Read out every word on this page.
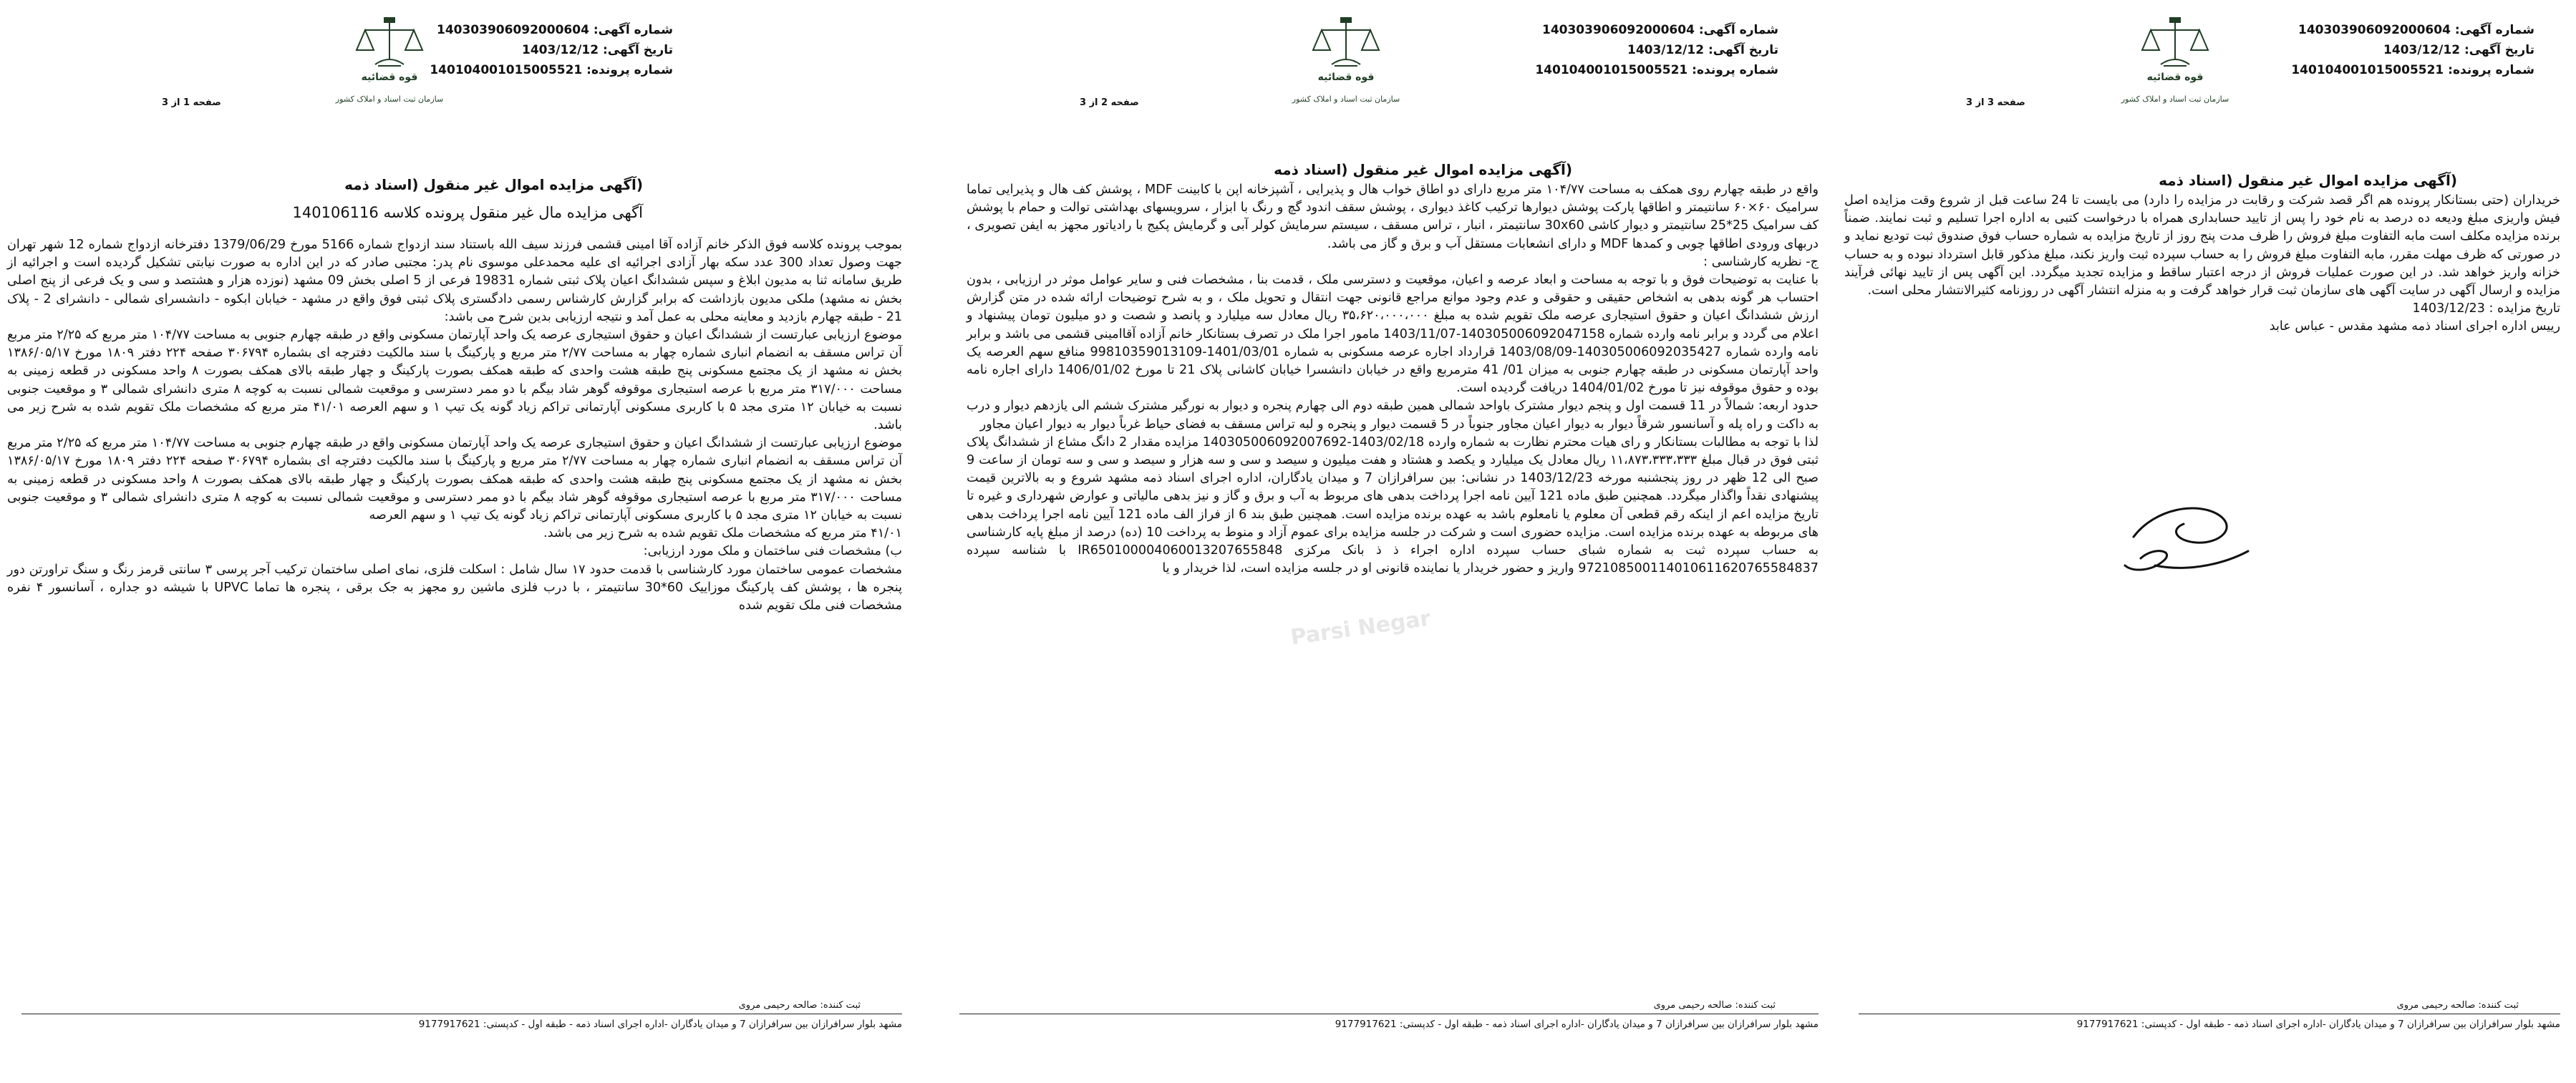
شماره آگهی: 140303906092000604
تاریخ آگهی: 1403/12/12
شماره پرونده: 140104001015005521
قوه قضائیه
سازمان ثبت اسناد و املاک کشور
صفحه 3 از 3
(آگهی مزایده اموال غیر منقول (اسناد ذمه

خریداران (حتی بستانکار پرونده هم اگر قصد شرکت و رقابت در مزایده را دارد) می بایست تا 24 ساعت قبل از شروع وقت مزایده اصل فیش واریزی مبلغ ودیعه ده درصد به نام خود را پس از تایید حسابداری همراه با درخواست کتبی به اداره اجرا تسلیم و ثبت نمایند. ضمناً برنده مزایده مکلف است مابه التفاوت مبلغ فروش را ظرف مدت پنج روز از تاریخ مزایده به شماره حساب فوق صندوق ثبت تودیع نماید و در صورتی که ظرف مهلت مقرر، مابه التفاوت مبلغ فروش را به حساب سپرده ثبت واریز نکند، مبلغ مذکور قابل استرداد نبوده و به حساب خزانه واریز خواهد شد. در این صورت عملیات فروش از درجه اعتبار ساقط و مزایده تجدید میگردد. این آگهی پس از تایید نهائی فرآیند مزایده و ارسال آگهی در سایت آگهی های سازمان ثبت قرار خواهد گرفت و به منزله انتشار آگهی در روزنامه کثیرالانتشار محلی است.

تاریخ مزایده : 1403/12/23

رییس اداره اجرای اسناد ذمه مشهد مقدس - عباس عابد

ثبت کننده: صالحه رحیمی مروی
مشهد بلوار سرافرازان بین سرافرازان 7 و میدان یادگاران -اداره اجرای اسناد ذمه - طبقه اول - کدپستی: 9177917621
شماره آگهی: 140303906092000604
تاریخ آگهی: 1403/12/12
شماره پرونده: 140104001015005521
قوه قضائیه
سازمان ثبت اسناد و املاک کشور
صفحه 2 از 3
(آگهی مزایده اموال غیر منقول (اسناد ذمه

واقع در طبقه چهارم روی همکف به مساحت ۱۰۴/۷۷ متر مربع دارای دو اطاق خواب هال و پذیرایی ، آشپزخانه اپن با کابینت MDF ، پوشش کف هال و پذیرایی تماما سرامیک ۶۰×۶۰ سانتیمتر و اطاقها پارکت پوشش دیوارها ترکیب کاغذ دیواری ، پوشش سقف اندود گچ و رنگ با ابزار ، سرویسهای بهداشتی توالت و حمام با پوشش کف سرامیک 25*25 سانتیمتر و دیوار کاشی 30x60 سانتیمتر ، انبار ، تراس مسقف ، سیستم سرمایش کولر آبی و گرمایش پکیج با رادیاتور مجهز به ایفن تصویری ، دربهای ورودی اطاقها چوبی و کمدها MDF و دارای انشعابات مستقل آب و برق و گاز می باشد.

ج- نظریه کارشناسی :

با عنایت به توضیحات فوق و با توجه به مساحت و ابعاد عرصه و اعیان، موقعیت و دسترسی ملک ، قدمت بنا ، مشخصات فنی و سایر عوامل موثر در ارزیابی ، بدون احتساب هر گونه بدهی به اشخاص حقیقی و حقوقی و عدم وجود موانع مراجع قانونی جهت انتقال و تحویل ملک ، و به شرح توضیحات ارائه شده در متن گزارش ارزش ششدانگ اعیان و حقوق استیجاری عرصه ملک تقویم شده به مبلغ ۳۵،۶۲۰،۰۰۰،۰۰۰ ریال معادل سه میلیارد و پانصد و شصت و دو میلیون تومان پیشنهاد و اعلام می گردد و برابر نامه وارده شماره 140305006092047158-1403/11/07 مامور اجرا ملک در تصرف بستانکار خانم آزاده آقاامینی قشمی می باشد و برابر نامه وارده شماره 140305006092035427-1403/08/09 قرارداد اجاره عرصه مسکونی به شماره 1401/03/01-99810359013109 منافع سهم العرصه یک واحد آپارتمان مسکونی در طبقه چهارم جنوبی به میزان 01/ 41 مترمربع واقع در خیابان دانشسرا خیابان کاشانی پلاک 21 تا مورخ 1406/01/02 دارای اجاره نامه بوده و حقوق موقوفه نیز تا مورخ 1404/01/02 دریافت گردیده است.

حدود اربعه: شمالاً در 11 قسمت اول و پنجم دیوار مشترک باواحد شمالی همین طبقه دوم الی چهارم پنجره و دیوار به نورگیر مشترک ششم الی یازدهم دیوار و درب به داکت و راه پله و آسانسور شرقاً دیوار به دیوار اعیان مجاور جنوباً در 5 قسمت دیوار و پنجره و لبه تراس مسقف به فضای حیاط غرباً دیوار به دیوار اعیان مجاور

لذا با توجه به مطالبات بستانکار و رای هیات محترم نظارت به شماره وارده 1403/02/18-140305006092007692 مزایده مقدار 2 دانگ مشاع از ششدانگ پلاک ثبتی فوق در قبال مبلغ ۱۱،۸۷۳،۳۳۳،۳۳۳ ریال معادل یک میلیارد و یکصد و هشتاد و هفت میلیون و سیصد و سی و سه هزار و سیصد و سی و سه تومان از ساعت 9 صبح الی 12 ظهر در روز پنجشنبه مورخه 1403/12/23 در نشانی: بین سرافرازان 7 و میدان یادگاران، اداره اجرای اسناد ذمه مشهد شروع و به بالاترین قیمت پیشنهادی نقداً واگذار میگردد. همچنین طبق ماده 121 آیین نامه اجرا پرداخت بدهی های مربوط به آب و برق و گاز و نیز بدهی مالیاتی و عوارض شهرداری و غیره تا تاریخ مزایده اعم از اینکه رقم قطعی آن معلوم یا نامعلوم باشد به عهده برنده مزایده است. همچنین طبق بند 6 از فراز الف ماده 121 آیین نامه اجرا پرداخت بدهی های مربوطه به عهده برنده مزایده است. مزایده حضوری است و شرکت در جلسه مزایده برای عموم آزاد و منوط به پرداخت 10 (ده) درصد از مبلغ پایه کارشناسی به حساب سپرده ثبت به شماره شبای حساب سپرده اداره اجراء ذ ذ بانک مرکزی IR650100004060013207655848 با شناسه سپرده 972108500114010611620765584837 واریز و حضور خریدار یا نماینده قانونی او در جلسه مزایده است، لذا خریدار و یا

Parsi Negar
ثبت کننده: صالحه رحیمی مروی
مشهد بلوار سرافرازان بین سرافرازان 7 و میدان یادگاران -اداره اجرای اسناد ذمه - طبقه اول - کدپستی: 9177917621
شماره آگهی: 140303906092000604
تاریخ آگهی: 1403/12/12
شماره پرونده: 140104001015005521
قوه قضائیه
سازمان ثبت اسناد و املاک کشور
صفحه 1 از 3
(آگهی مزایده اموال غیر منقول (اسناد ذمه
آگهی مزایده مال غیر منقول پرونده کلاسه 140106116

بموجب پرونده کلاسه فوق الذکر خانم آزاده آقا امینی قشمی فرزند سیف الله باستناد سند ازدواج شماره 5166 مورخ 1379/06/29 دفترخانه ازدواج شماره 12 شهر تهران جهت وصول تعداد 300 عدد سکه بهار آزادی اجرائیه ای علیه محمدعلی موسوی نام پدر: مجتبی صادر که در این اداره به صورت نیابتی تشکیل گردیده است و اجرائیه از طریق سامانه ثنا به مدیون ابلاغ و سپس ششدانگ اعیان پلاک ثبتی شماره 19831 فرعی از 5 اصلی بخش 09 مشهد (نوزده هزار و هشتصد و سی و یک فرعی از پنج اصلی بخش نه مشهد) ملکی مدیون بازداشت که برابر گزارش کارشناس رسمی دادگستری پلاک ثبتی فوق واقع در مشهد - خیابان ابکوه - دانشسرای شمالی - دانشرای 2 - پلاک 21 - طبقه چهارم بازدید و معاینه محلی به عمل آمد و نتیجه ارزیابی بدین شرح می باشد:

موضوع ارزیابی عبارتست از ششدانگ اعیان و حقوق استیجاری عرصه یک واحد آپارتمان مسکونی واقع در طبقه چهارم جنوبی به مساحت ۱۰۴/۷۷ متر مربع که ۲/۲۵ متر مربع آن تراس مسقف به انضمام انباری شماره چهار به مساحت ۲/۷۷ متر مربع و پارکینگ با سند مالکیت دفترچه ای بشماره ۳۰۶۷۹۴ صفحه ۲۲۴ دفتر ۱۸۰۹ مورخ ۱۳۸۶/۰۵/۱۷ بخش نه مشهد از یک مجتمع مسکونی پنج طبقه هشت واحدی که طبقه همکف بصورت پارکینگ و چهار طبقه بالای همکف بصورت ۸ واحد مسکونی در قطعه زمینی به مساحت ۳۱۷/۰۰۰ متر مربع با عرصه استیجاری موقوفه گوهر شاد بیگم با دو ممر دسترسی و موقعیت شمالی نسبت به کوچه ۸ متری دانشرای شمالی ۳ و موقعیت جنوبی نسبت به خیابان ۱۲ متری مجد ۵ با کاربری مسکونی آپارتمانی تراکم زیاد گونه یک تیپ ۱ و سهم العرصه ۴۱/۰۱ متر مربع که مشخصات ملک تقویم شده به شرح زیر می باشد.

موضوع ارزیابی عبارتست از ششدانگ اعیان و حقوق استیجاری عرصه یک واحد آپارتمان مسکونی واقع در طبقه چهارم جنوبی به مساحت ۱۰۴/۷۷ متر مربع که ۲/۲۵ متر مربع آن تراس مسقف به انضمام انباری شماره چهار به مساحت ۲/۷۷ متر مربع و پارکینگ با سند مالکیت دفترچه ای بشماره ۳۰۶۷۹۴ صفحه ۲۲۴ دفتر ۱۸۰۹ مورخ ۱۳۸۶/۰۵/۱۷ بخش نه مشهد از یک مجتمع مسکونی پنج طبقه هشت واحدی که طبقه همکف بصورت پارکینگ و چهار طبقه بالای همکف بصورت ۸ واحد مسکونی در قطعه زمینی به مساحت ۳۱۷/۰۰۰ متر مربع با عرصه استیجاری موقوفه گوهر شاد بیگم با دو ممر دسترسی و موقعیت شمالی نسبت به کوچه ۸ متری دانشرای شمالی ۳ و موقعیت جنوبی نسبت به خیابان ۱۲ متری مجد ۵ با کاربری مسکونی آپارتمانی تراکم زیاد گونه یک تیپ ۱ و سهم العرصه

۴۱/۰۱ متر مربع که مشخصات ملک تقویم شده به شرح زیر می باشد.

ب) مشخصات فنی ساختمان و ملک مورد ارزیابی:

مشخصات عمومی ساختمان مورد کارشناسی با قدمت حدود ۱۷ سال شامل : اسکلت فلزی، نمای اصلی ساختمان ترکیب آجر پرسی ۳ سانتی قرمز رنگ و سنگ تراورتن دور پنجره ها ، پوشش کف پارکینگ موزاییک 60*30 سانتیمتر ، با درب فلزی ماشین رو مجهز به جک برقی ، پنجره ها تماما UPVC با شیشه دو جداره ، آسانسور ۴ نفره مشخصات فنی ملک تقویم شده

ثبت کننده: صالحه رحیمی مروی
مشهد بلوار سرافرازان بین سرافرازان 7 و میدان یادگاران -اداره اجرای اسناد ذمه - طبقه اول - کدپستی: 9177917621
